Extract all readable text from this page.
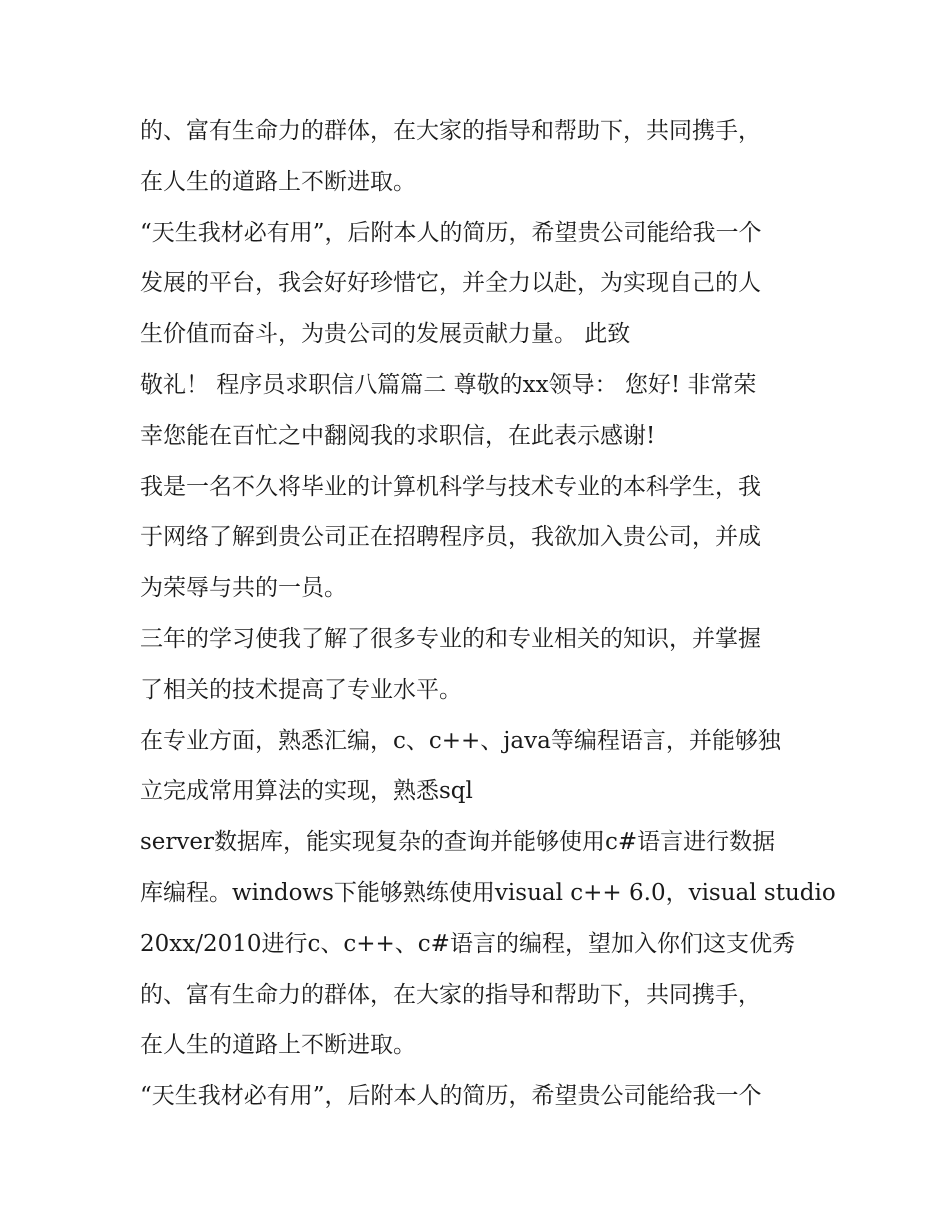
的、富有生命力的群体，在大家的指导和帮助下，共同携手，
在人生的道路上不断进取。
“天生我材必有用”，后附本人的简历，希望贵公司能给我一个
发展的平台，我会好好珍惜它，并全力以赴，为实现自己的人
生价值而奋斗，为贵公司的发展贡献力量。 此致
敬礼！ 程序员求职信八篇篇二 尊敬的xx领导： 您好! 非常荣
幸您能在百忙之中翻阅我的求职信，在此表示感谢!
我是一名不久将毕业的计算机科学与技术专业的本科学生，我
于网络了解到贵公司正在招聘程序员，我欲加入贵公司，并成
为荣辱与共的一员。
三年的学习使我了解了很多专业的和专业相关的知识，并掌握
了相关的技术提高了专业水平。
在专业方面，熟悉汇编，c、c++、java等编程语言，并能够独
立完成常用算法的实现，熟悉sql
server数据库，能实现复杂的查询并能够使用c#语言进行数据
库编程。windows下能够熟练使用visual c++ 6.0，visual studio
20xx/2010进行c、c++、c#语言的编程，望加入你们这支优秀
的、富有生命力的群体，在大家的指导和帮助下，共同携手，
在人生的道路上不断进取。
“天生我材必有用”，后附本人的简历，希望贵公司能给我一个
